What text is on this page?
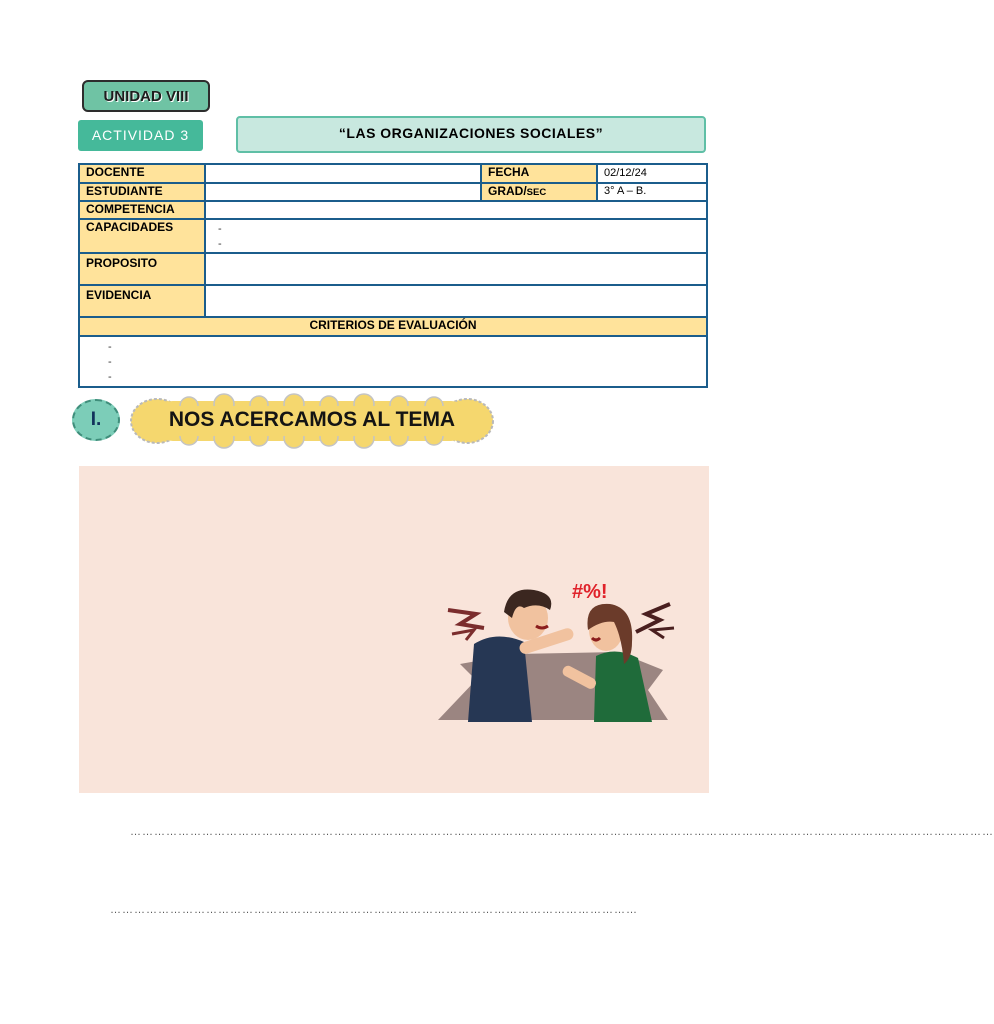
UNIDAD VIII
ACTIVIDAD 3	“LAS ORGANIZACIONES SOCIALES”
DOCENTE		FECHA	02/12/24
ESTUDIANTE		GRAD/SEC	3° A – B.
COMPETENCIA			
CAPACIDADES	-
-		

PROPOSITO			
EVIDENCIA			
CRITERIOS DE EVALUACIÓN			

-
-
-			
I.	NOS ACERCAMOS AL TEMA
#%!
………………………………………………………………………………………………………………………………………………………………………………………………
……………………………………………………………………………………………………………………
